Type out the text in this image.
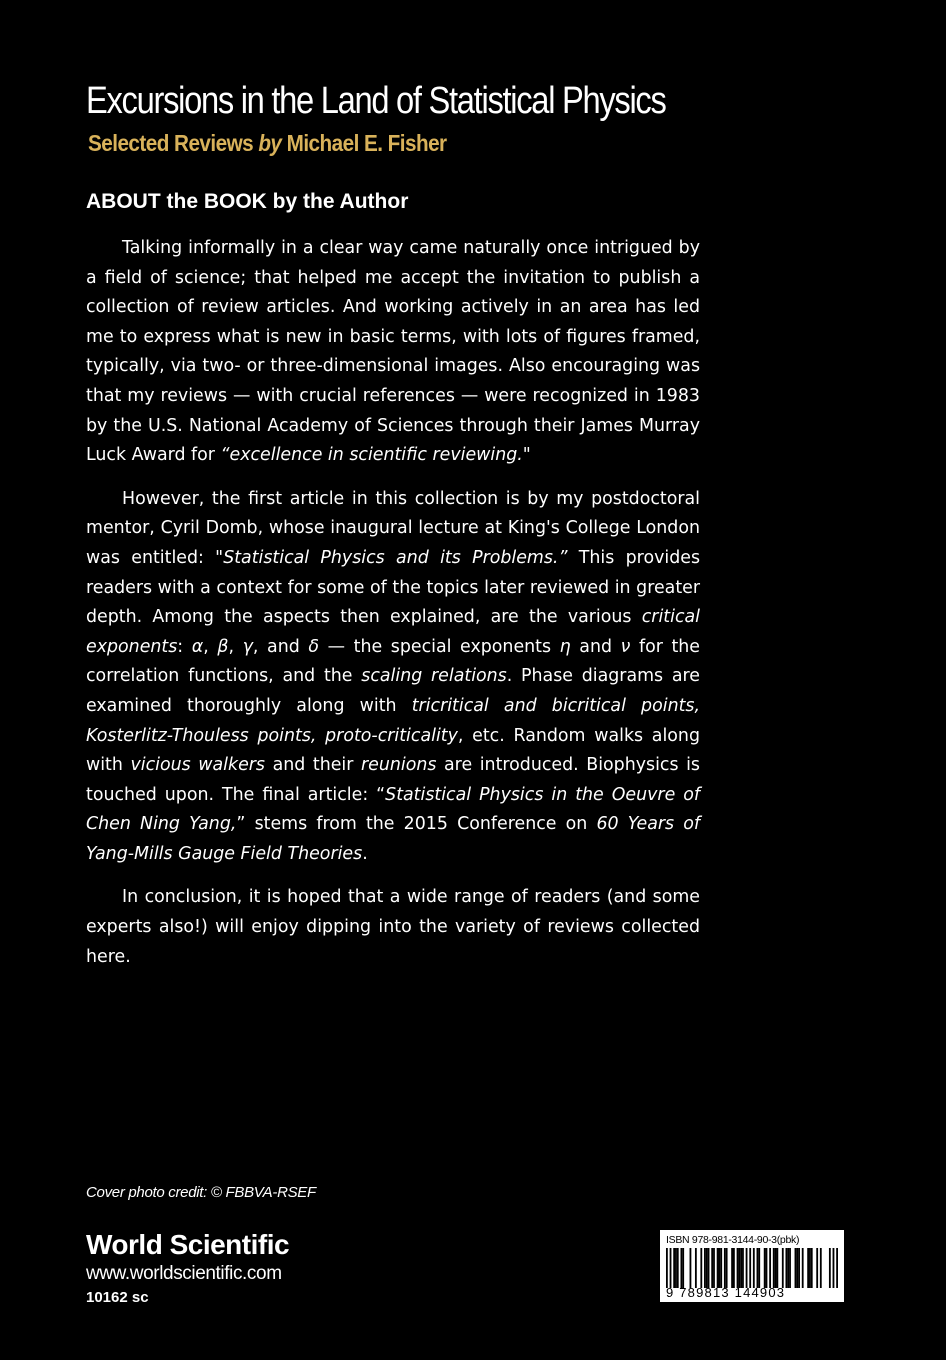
Excursions in the Land of Statistical Physics
Selected Reviews by Michael E. Fisher
ABOUT the BOOK by the Author

Talking informally in a clear way came naturally once intrigued by a field of science; that helped me accept the invitation to publish a collection of review articles. And working actively in an area has led me to express what is new in basic terms, with lots of figures framed, typically, via two- or three-dimensional images. Also encouraging was that my reviews — with crucial references — were recognized in 1983 by the U.S. National Academy of Sciences through their James Murray Luck Award for “excellence in scientific reviewing."

However, the first article in this collection is by my postdoctoral mentor, Cyril Domb, whose inaugural lecture at King's College London was entitled: "Statistical Physics and its Problems.” This provides readers with a context for some of the topics later reviewed in greater depth. Among the aspects then explained, are the various critical exponents: α, β, γ, and δ — the special exponents η and ν for the correlation functions, and the scaling relations. Phase diagrams are examined thoroughly along with tricritical and bicritical points, Kosterlitz-Thouless points, proto-criticality, etc. Random walks along with vicious walkers and their reunions are introduced. Biophysics is touched upon. The final article: “Statistical Physics in the Oeuvre of Chen Ning Yang,” stems from the 2015 Conference on 60 Years of Yang-Mills Gauge Field Theories.

In conclusion, it is hoped that a wide range of readers (and some experts also!) will enjoy dipping into the variety of reviews collected here.

Cover photo credit: © FBBVA-RSEF
World Scientific
www.worldscientific.com
10162 sc
ISBN 978-981-3144-90-3(pbk)
9 789813 144903
